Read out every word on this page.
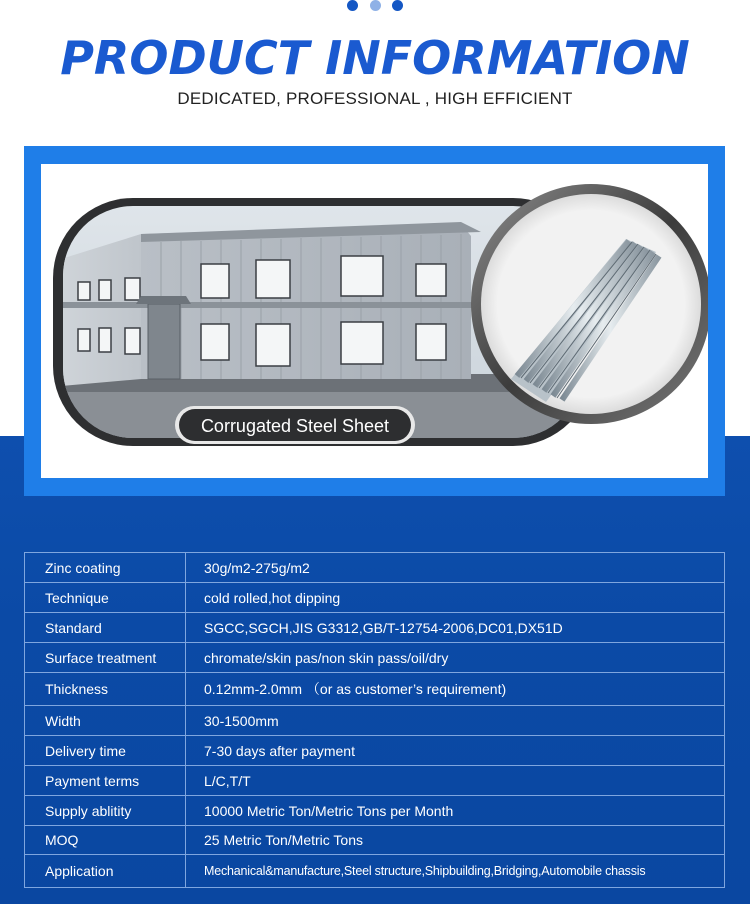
PRODUCT INFORMATION
DEDICATED, PROFESSIONAL , HIGH EFFICIENT
Corrugated Steel Sheet
Zinc coating	30g/m2-275g/m2
Technique	cold rolled,hot dipping
Standard	SGCC,SGCH,JIS G3312,GB/T-12754-2006,DC01,DX51D
Surface treatment	chromate/skin pas/non skin pass/oil/dry
Thickness	0.12mm-2.0mm （or as customer’s requirement)
Width	30-1500mm
Delivery time	7-30 days after payment
Payment terms	L/C,T/T
Supply ablitity	10000 Metric Ton/Metric Tons per Month
MOQ	25 Metric Ton/Metric Tons
Application	Mechanical&manufacture,Steel structure,Shipbuilding,Bridging,Automobile chassis
